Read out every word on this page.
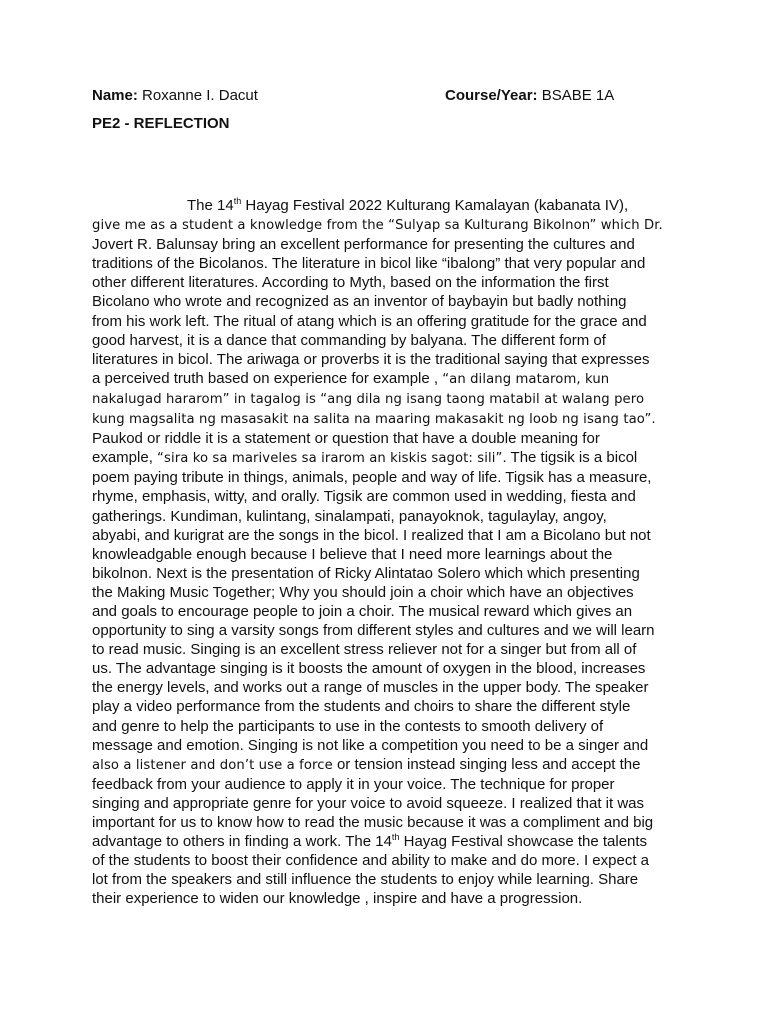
Name: Roxanne I. Dacut	Course/Year: BSABE 1A
PE2 - REFLECTION
The 14th Hayag Festival 2022 Kulturang Kamalayan (kabanata IV),
give me as a student a knowledge from the “Sulyap sa Kulturang Bikolnon” which Dr.
Jovert R. Balunsay bring an excellent performance for presenting the cultures and
traditions of the Bicolanos. The literature in bicol like “ibalong” that very popular and
other different literatures. According to Myth, based on the information the first
Bicolano who wrote and recognized as an inventor of baybayin but badly nothing
from his work left. The ritual of atang which is an offering gratitude for the grace and
good harvest, it is a dance that commanding by balyana. The different form of
literatures in bicol. The ariwaga or proverbs it is the traditional saying that expresses
a perceived truth based on experience for example , “an dilang matarom, kun
nakalugad hararom” in tagalog is “ang dila ng isang taong matabil at walang pero
kung magsalita ng masasakit na salita na maaring makasakit ng loob ng isang tao”.
Paukod or riddle it is a statement or question that have a double meaning for
example, “sira ko sa mariveles sa irarom an kiskis sagot: sili”. The tigsik is a bicol
poem paying tribute in things, animals, people and way of life. Tigsik has a measure,
rhyme, emphasis, witty, and orally. Tigsik are common used in wedding, fiesta and
gatherings. Kundiman, kulintang, sinalampati, panayoknok, tagulaylay, angoy,
abyabi, and kurigrat are the songs in the bicol. I realized that I am a Bicolano but not
knowleadgable enough because I believe that I need more learnings about the
bikolnon. Next is the presentation of Ricky Alintatao Solero which which presenting
the Making Music Together; Why you should join a choir which have an objectives
and goals to encourage people to join a choir. The musical reward which gives an
opportunity to sing a varsity songs from different styles and cultures and we will learn
to read music. Singing is an excellent stress reliever not for a singer but from all of
us. The advantage singing is it boosts the amount of oxygen in the blood, increases
the energy levels, and works out a range of muscles in the upper body. The speaker
play a video performance from the students and choirs to share the different style
and genre to help the participants to use in the contests to smooth delivery of
message and emotion. Singing is not like a competition you need to be a singer and
also a listener and don’t use a force or tension instead singing less and accept the
feedback from your audience to apply it in your voice. The technique for proper
singing and appropriate genre for your voice to avoid squeeze. I realized that it was
important for us to know how to read the music because it was a compliment and big
advantage to others in finding a work. The 14th Hayag Festival showcase the talents
of the students to boost their confidence and ability to make and do more. I expect a
lot from the speakers and still influence the students to enjoy while learning. Share
their experience to widen our knowledge , inspire and have a progression.
